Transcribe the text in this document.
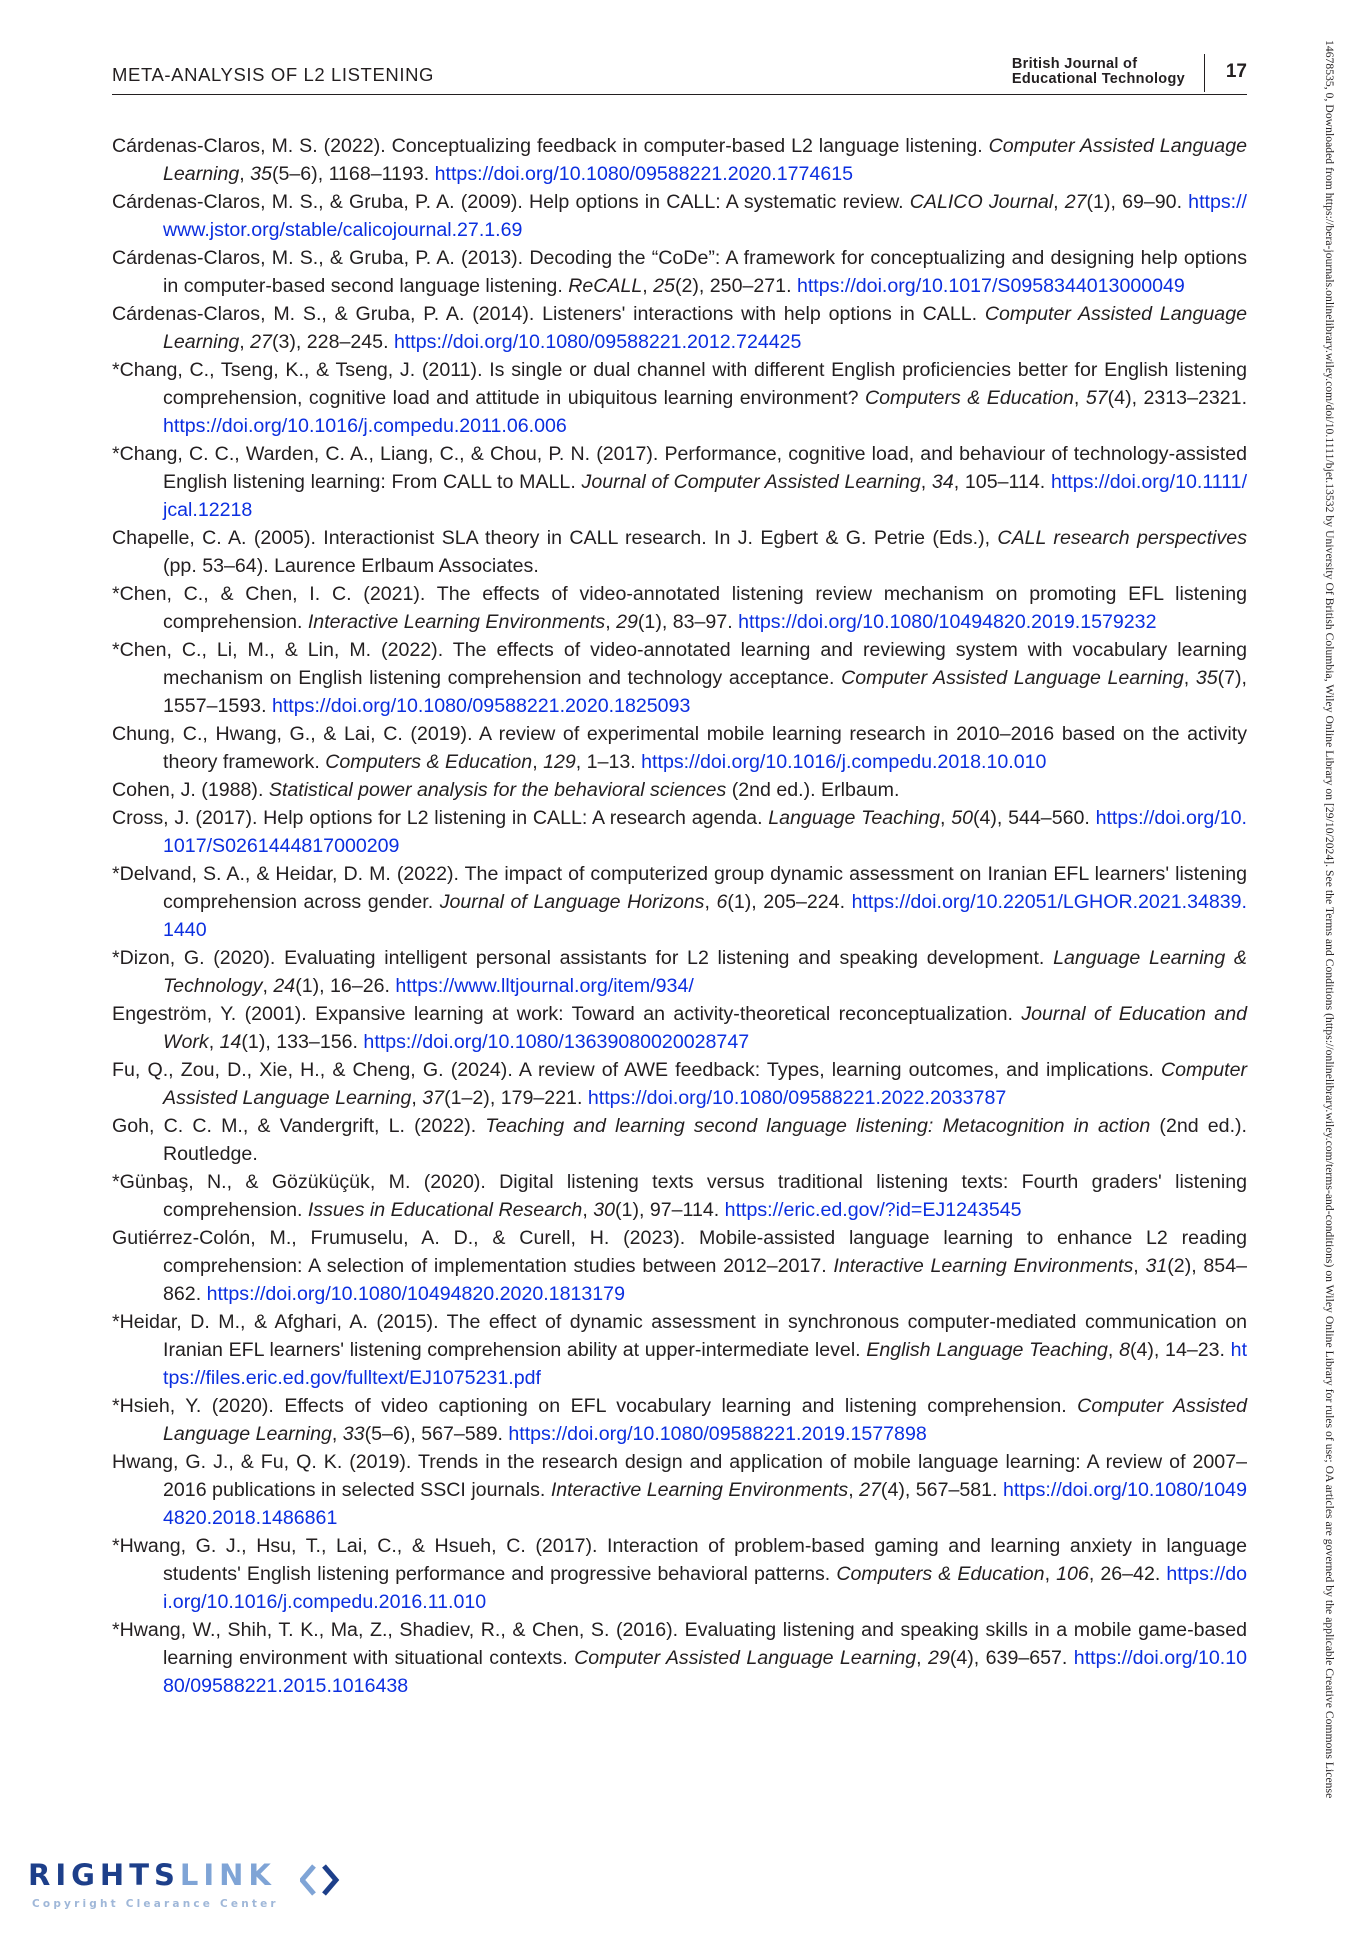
META-ANALYSIS OF L2 LISTENING	British Journal of
Educational Technology 17
Cárdenas-Claros, M. S. (2022). Conceptualizing feedback in computer-based L2 language listening. Computer Assisted Language Learning, 35(5–6), 1168–1193. https://doi.org/10.1080/09588221.2020.1774615
Cárdenas-Claros, M. S., & Gruba, P. A. (2009). Help options in CALL: A systematic review. CALICO Journal, 27(1), 69–90. https://www.jstor.org/stable/calicojournal.27.1.69
Cárdenas-Claros, M. S., & Gruba, P. A. (2013). Decoding the “CoDe”: A framework for conceptualizing and designing help options in computer-based second language listening. ReCALL, 25(2), 250–271. https://doi.org/10.1017/S0958344013000049
Cárdenas-Claros, M. S., & Gruba, P. A. (2014). Listeners' interactions with help options in CALL. Computer Assisted Language Learning, 27(3), 228–245. https://doi.org/10.1080/09588221.2012.724425
*Chang, C., Tseng, K., & Tseng, J. (2011). Is single or dual channel with different English proficiencies better for English listening comprehension, cognitive load and attitude in ubiquitous learning environment? Computers & Education, 57(4), 2313–2321. https://doi.org/10.1016/j.compedu.2011.06.006
*Chang, C. C., Warden, C. A., Liang, C., & Chou, P. N. (2017). Performance, cognitive load, and behaviour of technology-assisted English listening learning: From CALL to MALL. Journal of Computer Assisted Learning, 34, 105–114. https://doi.org/10.1111/jcal.12218
Chapelle, C. A. (2005). Interactionist SLA theory in CALL research. In J. Egbert & G. Petrie (Eds.), CALL research perspectives (pp. 53–64). Laurence Erlbaum Associates.
*Chen, C., & Chen, I. C. (2021). The effects of video-annotated listening review mechanism on promoting EFL listening comprehension. Interactive Learning Environments, 29(1), 83–97. https://doi.org/10.1080/10494820.2019.1579232
*Chen, C., Li, M., & Lin, M. (2022). The effects of video-annotated learning and reviewing system with vocabulary learning mechanism on English listening comprehension and technology acceptance. Computer Assisted Language Learning, 35(7), 1557–1593. https://doi.org/10.1080/09588221.2020.1825093
Chung, C., Hwang, G., & Lai, C. (2019). A review of experimental mobile learning research in 2010–2016 based on the activity theory framework. Computers & Education, 129, 1–13. https://doi.org/10.1016/j.compedu.2018.10.010
Cohen, J. (1988). Statistical power analysis for the behavioral sciences (2nd ed.). Erlbaum.
Cross, J. (2017). Help options for L2 listening in CALL: A research agenda. Language Teaching, 50(4), 544–560. https://doi.org/10.1017/S0261444817000209
*Delvand, S. A., & Heidar, D. M. (2022). The impact of computerized group dynamic assessment on Iranian EFL learners' listening comprehension across gender. Journal of Language Horizons, 6(1), 205–224. https://doi.org/10.22051/LGHOR.2021.34839.1440
*Dizon, G. (2020). Evaluating intelligent personal assistants for L2 listening and speaking development. Language Learning & Technology, 24(1), 16–26. https://www.lltjournal.org/item/934/
Engeström, Y. (2001). Expansive learning at work: Toward an activity-theoretical reconceptualization. Journal of Education and Work, 14(1), 133–156. https://doi.org/10.1080/13639080020028747
Fu, Q., Zou, D., Xie, H., & Cheng, G. (2024). A review of AWE feedback: Types, learning outcomes, and implications. Computer Assisted Language Learning, 37(1–2), 179–221. https://doi.org/10.1080/09588221.2022.2033787
Goh, C. C. M., & Vandergrift, L. (2022). Teaching and learning second language listening: Metacognition in action (2nd ed.). Routledge.
*Günbaş, N., & Gözüküçük, M. (2020). Digital listening texts versus traditional listening texts: Fourth graders' listening comprehension. Issues in Educational Research, 30(1), 97–114. https://eric.ed.gov/?id=EJ1243545
Gutiérrez-Colón, M., Frumuselu, A. D., & Curell, H. (2023). Mobile-assisted language learning to enhance L2 reading comprehension: A selection of implementation studies between 2012–2017. Interactive Learning Environments, 31(2), 854–862. https://doi.org/10.1080/10494820.2020.1813179
*Heidar, D. M., & Afghari, A. (2015). The effect of dynamic assessment in synchronous computer-mediated communication on Iranian EFL learners' listening comprehension ability at upper-intermediate level. English Language Teaching, 8(4), 14–23. https://files.eric.ed.gov/fulltext/EJ1075231.pdf
*Hsieh, Y. (2020). Effects of video captioning on EFL vocabulary learning and listening comprehension. Computer Assisted Language Learning, 33(5–6), 567–589. https://doi.org/10.1080/09588221.2019.1577898
Hwang, G. J., & Fu, Q. K. (2019). Trends in the research design and application of mobile language learning: A review of 2007–2016 publications in selected SSCI journals. Interactive Learning Environments, 27(4), 567–581. https://doi.org/10.1080/10494820.2018.1486861
*Hwang, G. J., Hsu, T., Lai, C., & Hsueh, C. (2017). Interaction of problem-based gaming and learning anxiety in language students' English listening performance and progressive behavioral patterns. Computers & Education, 106, 26–42. https://doi.org/10.1016/j.compedu.2016.11.010
*Hwang, W., Shih, T. K., Ma, Z., Shadiev, R., & Chen, S. (2016). Evaluating listening and speaking skills in a mobile game-based learning environment with situational contexts. Computer Assisted Language Learning, 29(4), 639–657. https://doi.org/10.1080/09588221.2015.1016438	14678535, 0, Downloaded from https://bera-journals.onlinelibrary.wiley.com/doi/10.1111/bjet.13532 by University Of British Columbia, Wiley Online Library on [29/10/2024]. See the Terms and Conditions (https://onlinelibrary.wiley.com/terms-and-conditions) on Wiley Online Library for rules of use; OA articles are governed by the applicable Creative Commons License
RIGHTSLINK
Copyright Clearance Center
